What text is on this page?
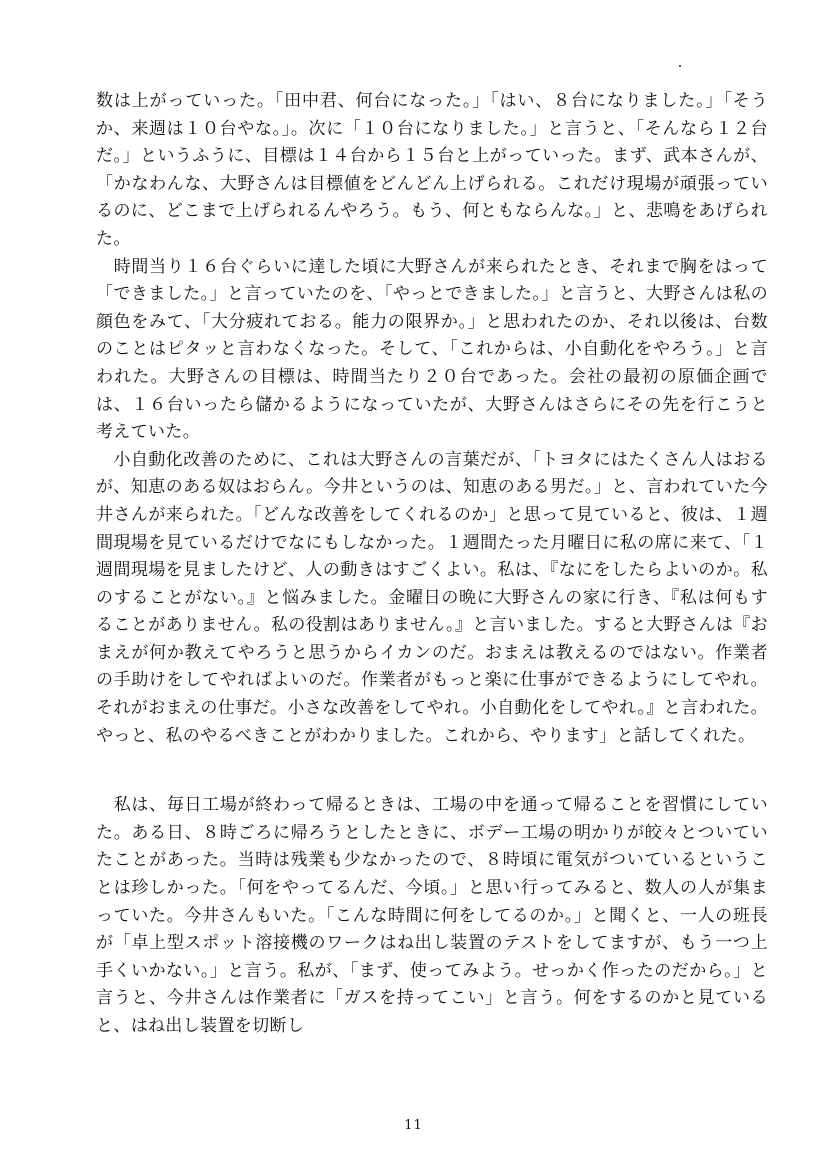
数は上がっていった。「田中君、何台になった。」「はい、８台になりました。」「そうか、来週は１０台やな。」。次に「１０台になりました。」と言うと、「そんなら１２台だ。」というふうに、目標は１４台から１５台と上がっていった。まず、武本さんが、「かなわんな、大野さんは目標値をどんどん上げられる。これだけ現場が頑張っているのに、どこまで上げられるんやろう。もう、何ともならんな。」と、悲鳴をあげられた。

　時間当り１６台ぐらいに達した頃に大野さんが来られたとき、それまで胸をはって「できました。」と言っていたのを、「やっとできました。」と言うと、大野さんは私の顔色をみて、「大分疲れておる。能力の限界か。」と思われたのか、それ以後は、台数のことはピタッと言わなくなった。そして、「これからは、小自動化をやろう。」と言われた。大野さんの目標は、時間当たり２０台であった。会社の最初の原価企画では、１６台いったら儲かるようになっていたが、大野さんはさらにその先を行こうと考えていた。

　小自動化改善のために、これは大野さんの言葉だが、「トヨタにはたくさん人はおるが、知恵のある奴はおらん。今井というのは、知恵のある男だ。」と、言われていた今井さんが来られた。「どんな改善をしてくれるのか」と思って見ていると、彼は、１週間現場を見ているだけでなにもしなかった。１週間たった月曜日に私の席に来て、「１週間現場を見ましたけど、人の動きはすごくよい。私は、『なにをしたらよいのか。私のすることがない。』と悩みました。金曜日の晩に大野さんの家に行き、『私は何もすることがありません。私の役割はありません。』と言いました。すると大野さんは『おまえが何か教えてやろうと思うからイカンのだ。おまえは教えるのではない。作業者の手助けをしてやればよいのだ。作業者がもっと楽に仕事ができるようにしてやれ。それがおまえの仕事だ。小さな改善をしてやれ。小自動化をしてやれ。』と言われた。やっと、私のやるべきことがわかりました。これから、やります」と話してくれた。

　私は、毎日工場が終わって帰るときは、工場の中を通って帰ることを習慣にしていた。ある日、８時ごろに帰ろうとしたときに、ボデー工場の明かりが皎々とついていたことがあった。当時は残業も少なかったので、８時頃に電気がついているということは珍しかった。「何をやってるんだ、今頃。」と思い行ってみると、数人の人が集まっていた。今井さんもいた。「こんな時間に何をしてるのか。」と聞くと、一人の班長が「卓上型スポット溶接機のワークはね出し装置のテストをしてますが、もう一つ上手くいかない。」と言う。私が、「まず、使ってみよう。せっかく作ったのだから。」と言うと、今井さんは作業者に「ガスを持ってこい」と言う。何をするのかと見ていると、はね出し装置を切断し

11
